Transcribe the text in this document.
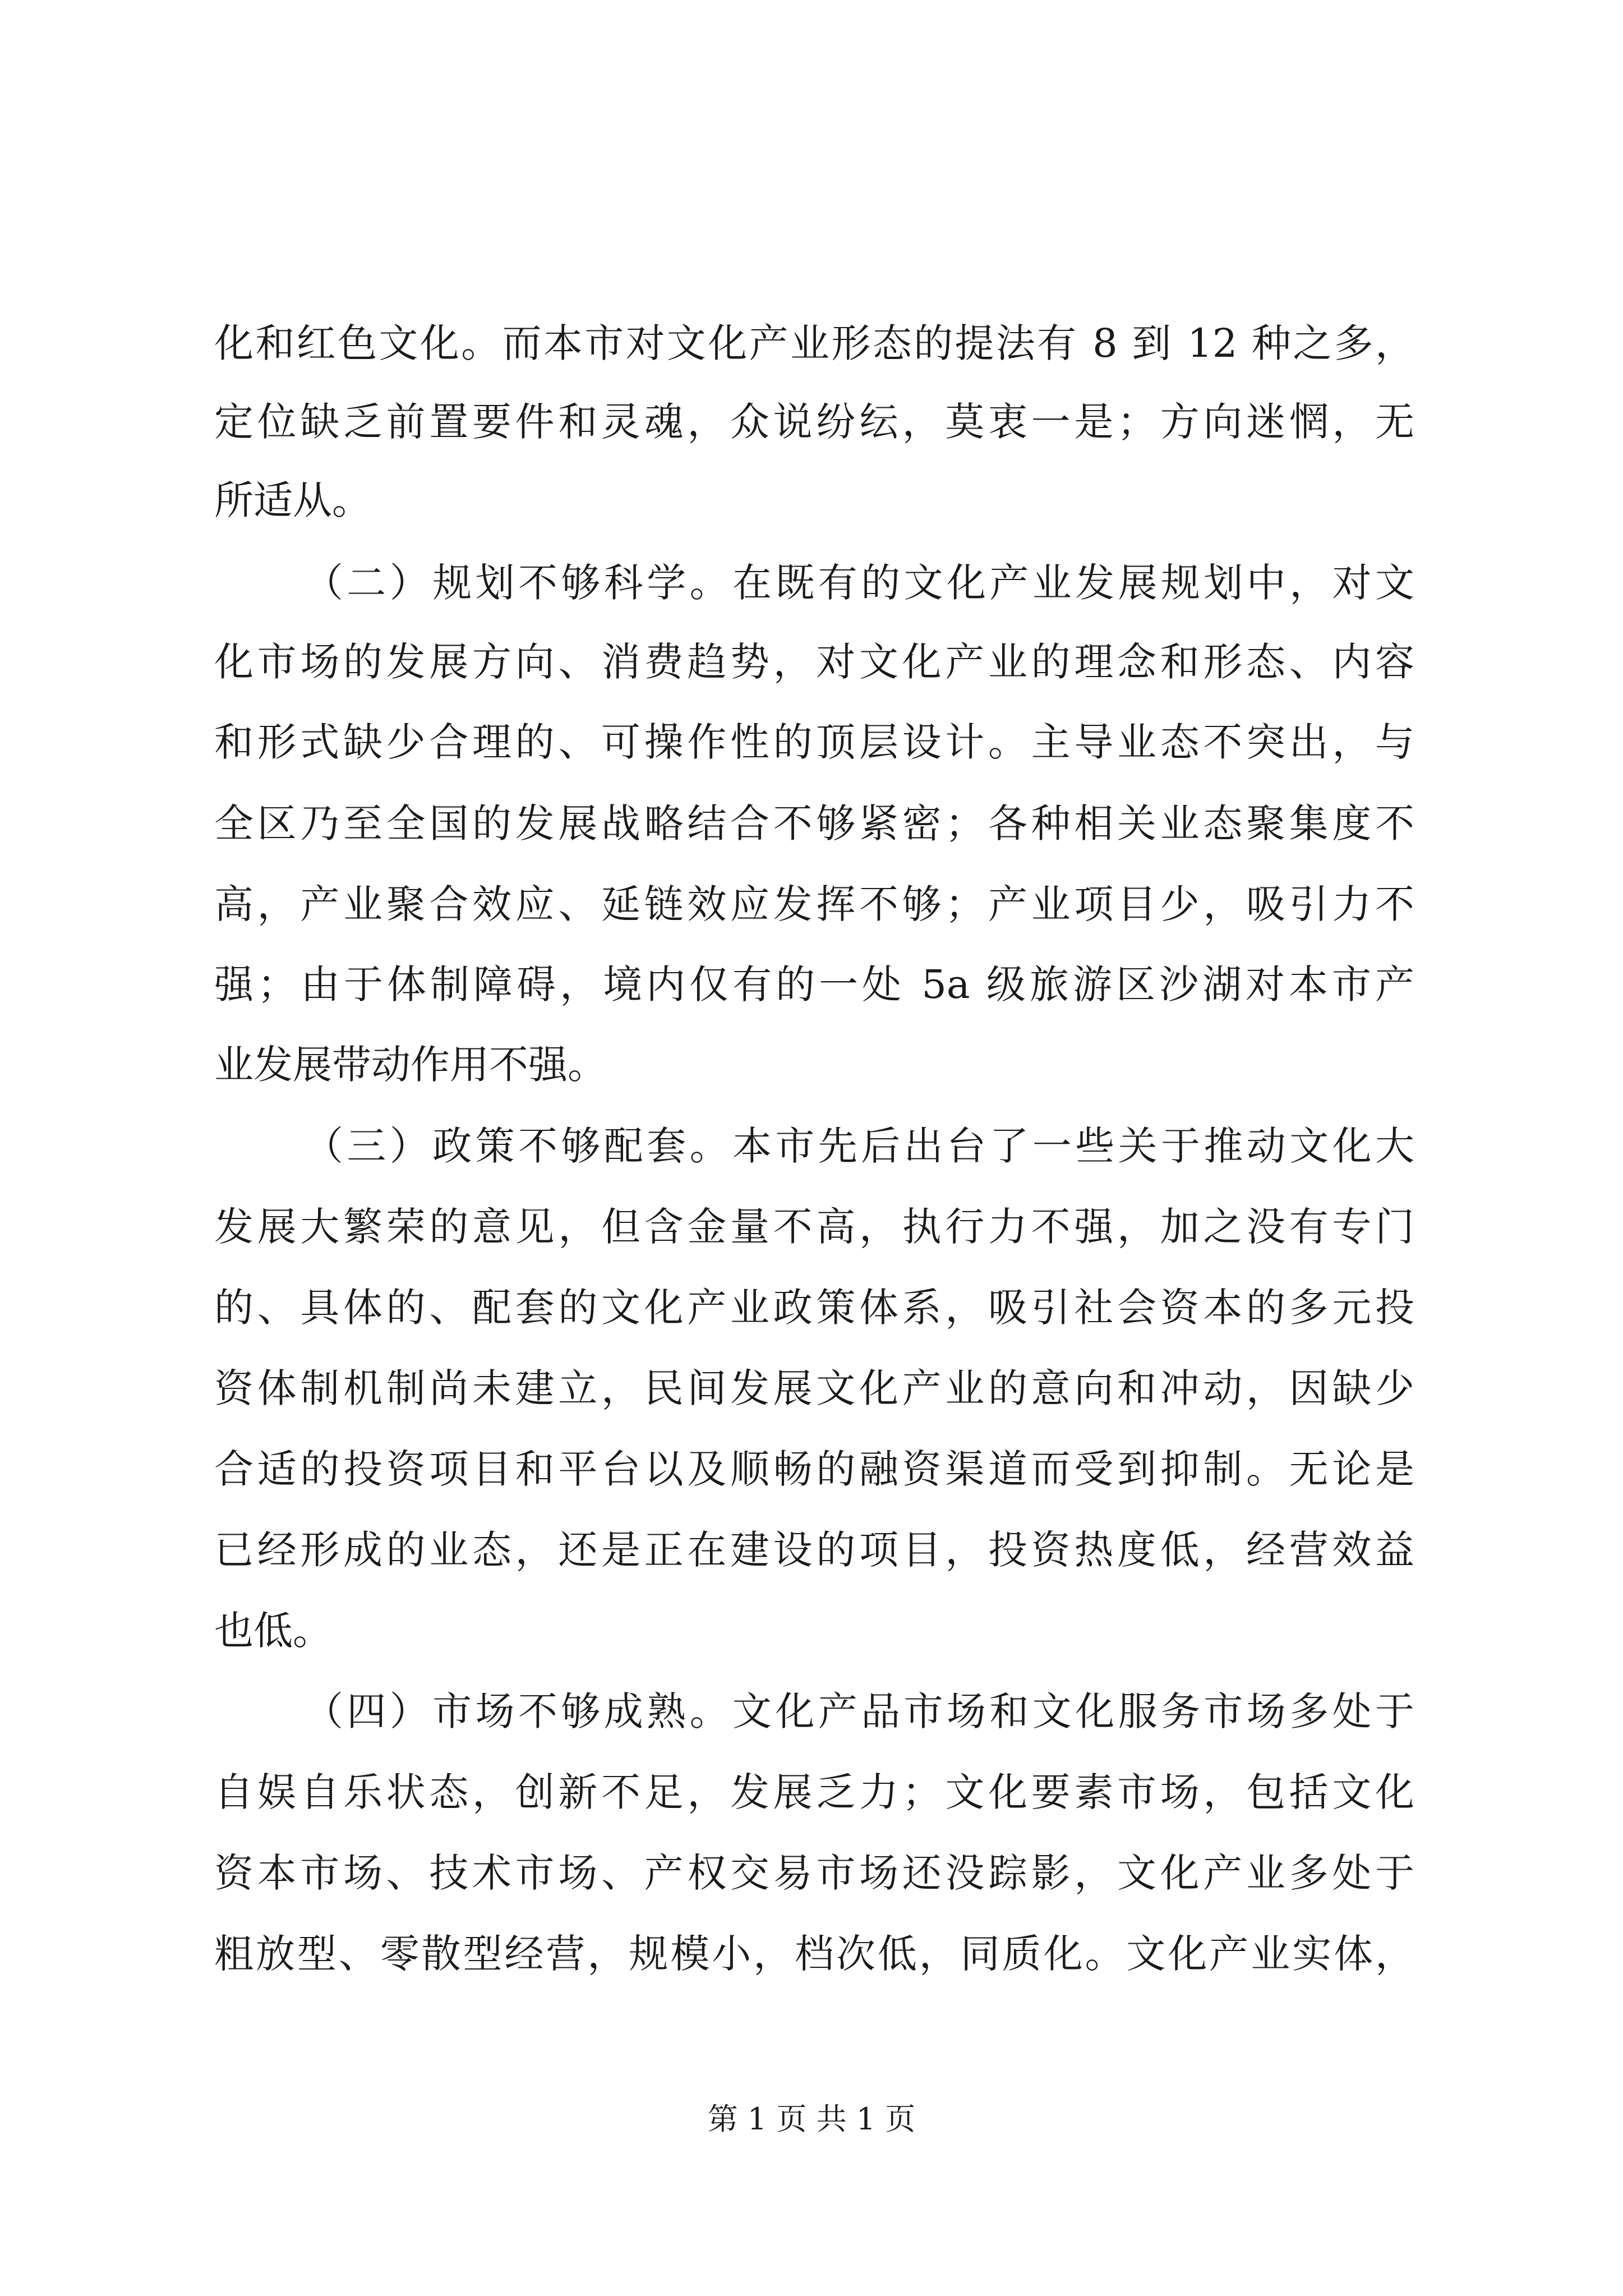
化和红色文化。而本市对文化产业形态的提法有 8 到 12 种之多，
定位缺乏前置要件和灵魂，众说纷纭，莫衷一是；方向迷惘，无
所适从。
（二）规划不够科学。在既有的文化产业发展规划中，对文
化市场的发展方向、消费趋势，对文化产业的理念和形态、内容
和形式缺少合理的、可操作性的顶层设计。主导业态不突出，与
全区乃至全国的发展战略结合不够紧密；各种相关业态聚集度不
高，产业聚合效应、延链效应发挥不够；产业项目少，吸引力不
强；由于体制障碍，境内仅有的一处 5a 级旅游区沙湖对本市产
业发展带动作用不强。
（三）政策不够配套。本市先后出台了一些关于推动文化大
发展大繁荣的意见，但含金量不高，执行力不强，加之没有专门
的、具体的、配套的文化产业政策体系，吸引社会资本的多元投
资体制机制尚未建立，民间发展文化产业的意向和冲动，因缺少
合适的投资项目和平台以及顺畅的融资渠道而受到抑制。无论是
已经形成的业态，还是正在建设的项目，投资热度低，经营效益
也低。
（四）市场不够成熟。文化产品市场和文化服务市场多处于
自娱自乐状态，创新不足，发展乏力；文化要素市场，包括文化
资本市场、技术市场、产权交易市场还没踪影，文化产业多处于
粗放型、零散型经营，规模小，档次低，同质化。文化产业实体，
第 1 页 共 1 页
